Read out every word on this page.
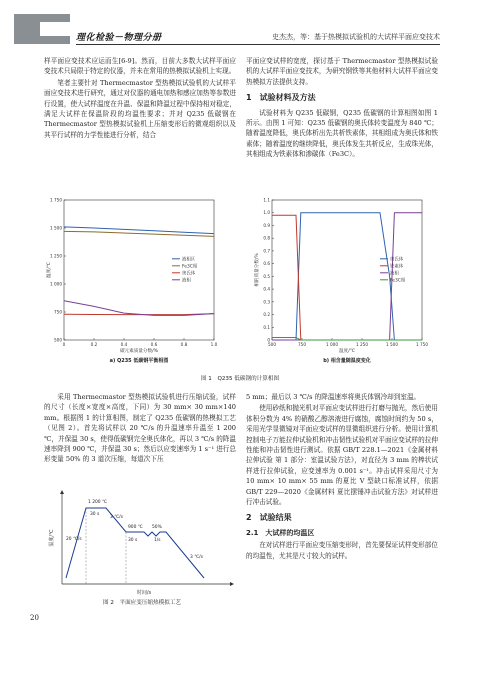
理化检验－物理分册	史杰杰，等：基于热模拟试验机的大试样平面应变技术

样平面应变技术应运而生[6-9]。然而，目前大多数大试样平面应变技术只局限于特定的仪器，并未在常用的热模拟试验机上实现。

笔者主要针对 Thermecmastor 型热模拟试验机的大试样平面应变技术进行研究，通过对仪器的通电加热和感应加热等参数进行设置，使大试样温度在升温、保温和降温过程中保持相对稳定，满足大试样在保温阶段的均温性要求；并对 Q235 低碳钢在 Thermecmastor 型热模拟试验机上压缩变形后的微观组织以及其平行试样的力学性能进行分析，结合

平面应变试样的宽度，探讨基于 Thermecmastor 型热模拟试验机的大试样平面应变技术，为研究钢铁等其他材料大试样平面应变热模拟方法提供支持。

1　试验材料及方法

试验材料为 Q235 低碳钢，Q235 低碳钢的计算相图如图 1 所示。由图 1 可知：Q235 低碳钢的奥氏体转变温度为 840 ℃；随着温度降低，奥氏体析出先共析铁素体，其相组成为奥氏体和铁素体；随着温度的继续降低，奥氏体发生共析反应，生成珠光体，其相组成为铁素体和渗碳体（Fe3C）。

0	0.2	0.4	0.6	0.8	1.0
500
750
1 000
1 250
1 500
1 750
碳元素质量分数/%
温度/℃
液相区
Fe3C相
奥氏体
液相
a) Q235 低碳钢平衡相图
500	750	1 000	1 250	1 500	1 750
0
0.1
0.2
0.3
0.4
0.5
0.6
0.7
0.8
0.9
1.0
1.1
温度/℃
相的质量分数/%	奥氏体
铁素体
液相
Fe3C相
b) 相含量随温度变化
图 1　Q235 低碳钢的计算相图

采用 Thermecmastor 型热模拟试验机进行压缩试验，试样的尺寸（长度×宽度×高度，下同）为 30 mm× 30 mm×140 mm。根据图 1 的计算相图，制定了 Q235 低碳钢的热模拟工艺（见图 2）。首先将试样以 20 ℃/s 的升温速率升温至 1 200 ℃，并保温 30 s，使得低碳钢完全奥氏体化，再以 3 ℃/s 的降温速率降到 900 ℃，并保温 30 s；然后以应变速率为 1 s⁻¹ 进行总形变量 50% 的 3 道次压缩，每道次下压

时间/s
温度/℃
1 200 ℃
30 s
3 ℃/s
900 ℃
30 s
50%
1/s
20 ℃/s
3 ℃/s
图 2　平面应变压缩热模拟工艺

5 mm；最后以 3 ℃/s 的降温速率将奥氏体钢冷却到室温。

使用砂纸和抛光机对平面应变试样进行打磨与抛光，然后使用体积分数为 4% 的硝酸乙醇溶液进行腐蚀，腐蚀时间约为 50 s，采用光学显微镜对平面应变试样的显微组织进行分析。使用计算机控制电子万能拉伸试验机和冲击韧性试验机对平面应变试样的拉伸性能和冲击韧性进行测试。依据 GB/T 228.1—2021《金属材料 拉伸试验 第 1 部分：室温试验方法》，对直径为 3 mm 的棒状试样进行拉伸试验，应变速率为 0.001 s⁻¹。冲击试样采用尺寸为 10 mm× 10 mm× 55 mm 的夏比 V 型缺口标准试样，依据 GB/T 229—2020《金属材料 夏比摆锤冲击试验方法》对试样进行冲击试验。

2　试验结果
2.1　大试样的均温区

在对试样进行平面应变压缩变形时，首先要保证试样变形部位的均温性，尤其是尺寸较大的试样。

20
